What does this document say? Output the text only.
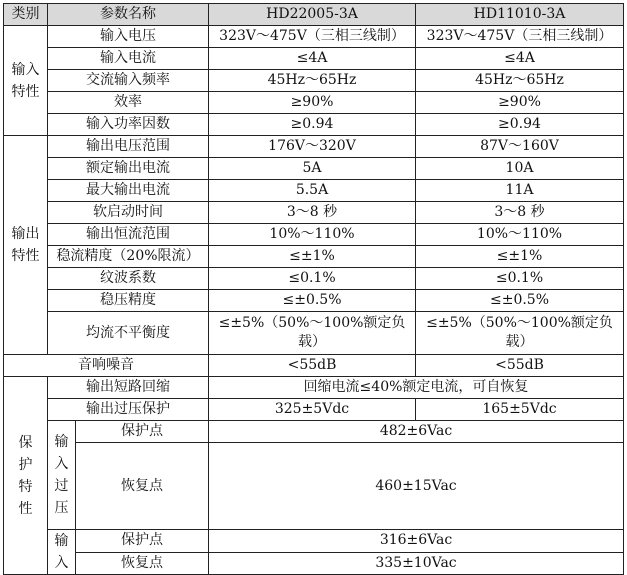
类别	参数名称		HD22005-3A	HD11010-3A
输入特性	输入电压		323V～475V（三相三线制）	323V～475V（三相三线制）
	输入电流		≤4A	≤4A
	交流输入频率		45Hz～65Hz	45Hz～65Hz
	效率		≥90%	≥90%
	输入功率因数		≥0.94	≥0.94
输出特性	输出电压范围		176V～320V	87V～160V
	额定输出电流		5A	10A
	最大输出电流		5.5A	11A
	软启动时间		3～8 秒	3～8 秒
	输出恒流范围		10%～110%	10%～110%
	稳流精度（20%限流）		≤±1%	≤±1%
	纹波系数		≤0.1%	≤0.1%
	稳压精度		≤±0.5%	≤±0.5%
	均流不平衡度		≤±5%（50%～100%额定负载）	≤±5%（50%～100%额定负载）
音响噪音			<55dB	<55dB

保护特性	输出短路回缩		回缩电流≤40%额定电流，可自恢复	
	输出过压保护		325±5Vdc	165±5Vdc

	输入过压	保护点	482±6Vac	
		恢复点	460±15Vac	

	输入	保护点	316±6Vac	
		恢复点	335±10Vac	
